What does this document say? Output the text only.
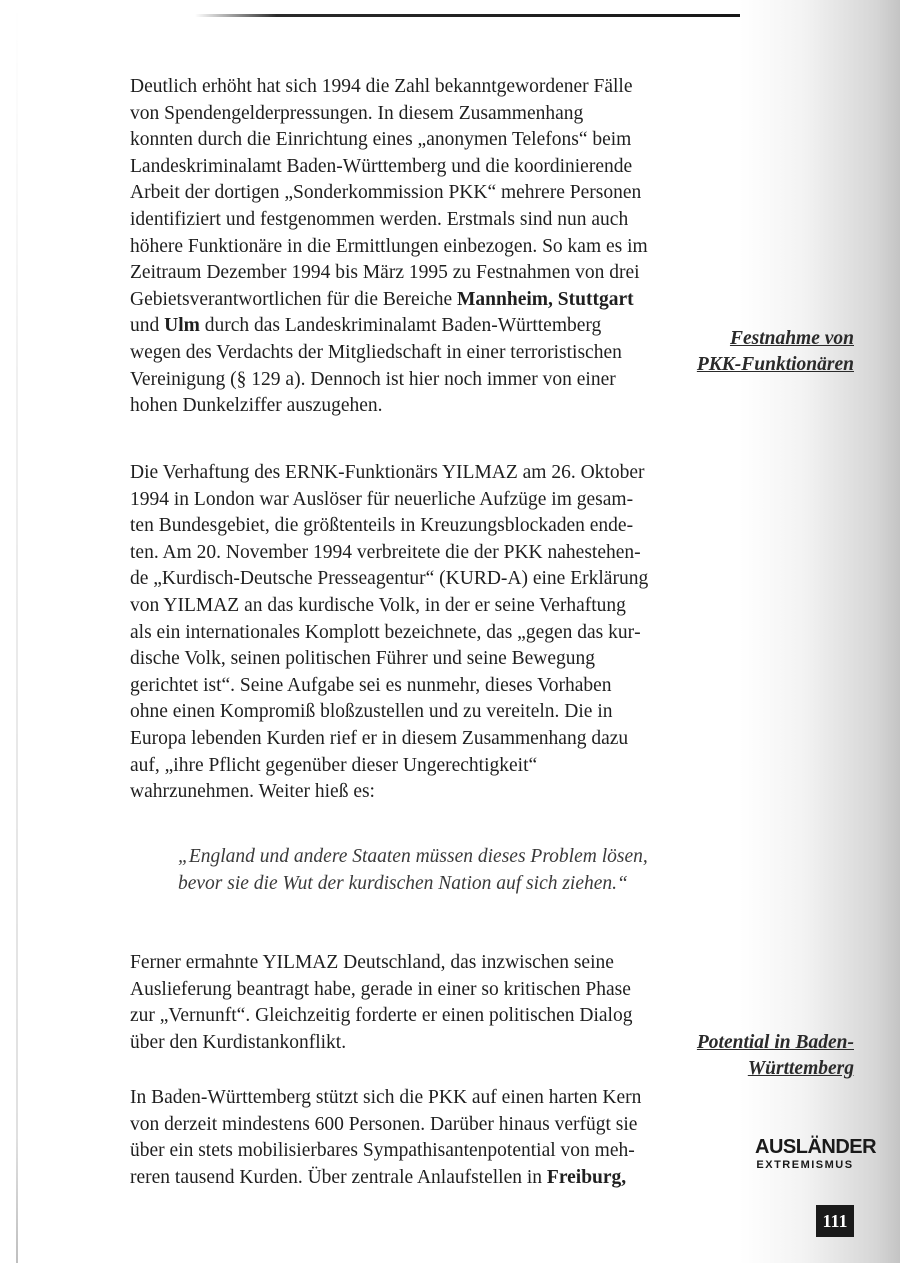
Deutlich erhöht hat sich 1994 die Zahl bekanntgewordener Fälle von Spendengelderpressungen. In diesem Zusammenhang konnten durch die Einrichtung eines „anonymen Telefons“ beim Landeskriminalamt Baden-Württemberg und die koordinierende Arbeit der dortigen „Sonderkommission PKK“ mehrere Personen identifiziert und festgenommen werden. Erstmals sind nun auch höhere Funktionäre in die Ermittlungen einbezogen. So kam es im Zeitraum Dezember 1994 bis März 1995 zu Festnahmen von drei Gebietsverantwortlichen für die Bereiche Mannheim, Stuttgart und Ulm durch das Landeskriminalamt Baden-Württemberg wegen des Verdachts der Mitgliedschaft in einer terroristischen Vereinigung (§ 129 a). Dennoch ist hier noch immer von einer hohen Dunkelziffer auszugehen.

Die Verhaftung des ERNK-Funktionärs YILMAZ am 26. Oktober 1994 in London war Auslöser für neuerliche Aufzüge im gesamten Bundesgebiet, die größtenteils in Kreuzungsblockaden endeten. Am 20. November 1994 verbreitete die der PKK nahestehende „Kurdisch-Deutsche Presseagentur“ (KURD-A) eine Erklärung von YILMAZ an das kurdische Volk, in der er seine Verhaftung als ein internationales Komplott bezeichnete, das „gegen das kurdische Volk, seinen politischen Führer und seine Bewegung gerichtet ist“. Seine Aufgabe sei es nunmehr, dieses Vorhaben ohne einen Kompromiß bloßzustellen und zu vereiteln. Die in Europa lebenden Kurden rief er in diesem Zusammenhang dazu auf, „ihre Pflicht gegenüber dieser Ungerechtigkeit“ wahrzunehmen. Weiter hieß es:

„England und andere Staaten müssen dieses Problem lösen, bevor sie die Wut der kurdischen Nation auf sich ziehen.“

Ferner ermahnte YILMAZ Deutschland, das inzwischen seine Auslieferung beantragt habe, gerade in einer so kritischen Phase zur „Vernunft“. Gleichzeitig forderte er einen politischen Dialog über den Kurdistankonflikt.

In Baden-Württemberg stützt sich die PKK auf einen harten Kern von derzeit mindestens 600 Personen. Darüber hinaus verfügt sie über ein stets mobilisierbares Sympathisantenpotential von mehreren tausend Kurden. Über zentrale Anlaufstellen in Freiburg,

Festnahme von
PKK-Funktionären
Potential in Baden-
Württemberg
AUSLÄNDER
EXTREMISMUS
111
